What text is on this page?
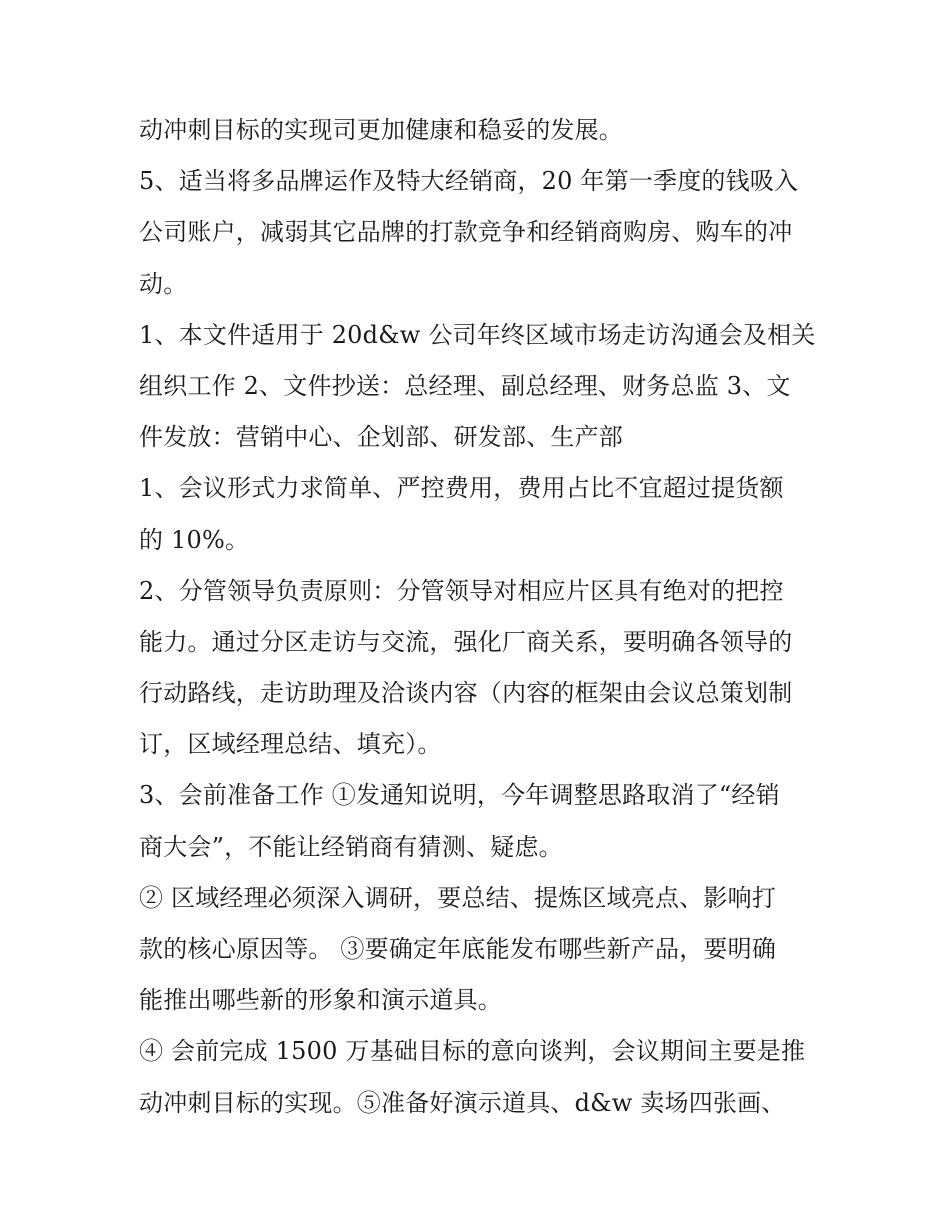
动冲刺目标的实现司更加健康和稳妥的发展。
5、适当将多品牌运作及特大经销商，20 年第一季度的钱吸入
公司账户，减弱其它品牌的打款竞争和经销商购房、购车的冲
动。
1、本文件适用于 20d&w 公司年终区域市场走访沟通会及相关
组织工作 2、文件抄送：总经理、副总经理、财务总监 3、文
件发放：营销中心、企划部、研发部、生产部
1、会议形式力求简单、严控费用，费用占比不宜超过提货额
的 10%。
2、分管领导负责原则：分管领导对相应片区具有绝对的把控
能力。通过分区走访与交流，强化厂商关系，要明确各领导的
行动路线，走访助理及洽谈内容（内容的框架由会议总策划制
订，区域经理总结、填充）。
3、会前准备工作 ①发通知说明，今年调整思路取消了“经销
商大会”，不能让经销商有猜测、疑虑。
② 区域经理必须深入调研，要总结、提炼区域亮点、影响打
款的核心原因等。 ③要确定年底能发布哪些新产品，要明确
能推出哪些新的形象和演示道具。
④ 会前完成 1500 万基础目标的意向谈判，会议期间主要是推
动冲刺目标的实现。⑤准备好演示道具、d&w 卖场四张画、
